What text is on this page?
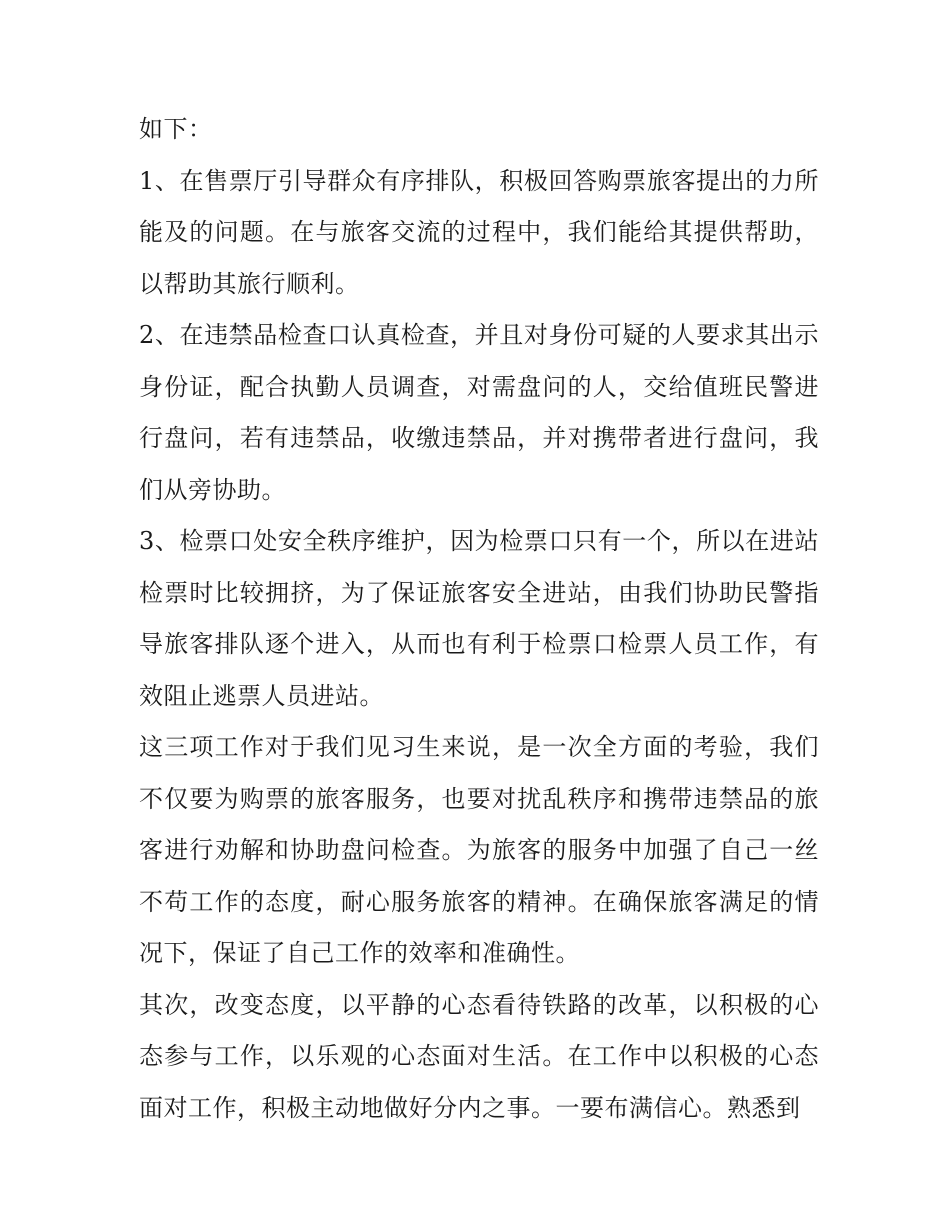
如下：

1、在售票厅引导群众有序排队，积极回答购票旅客提出的力所能及的问题。在与旅客交流的过程中，我们能给其提供帮助，以帮助其旅行顺利。

2、在违禁品检查口认真检查，并且对身份可疑的人要求其出示身份证，配合执勤人员调查，对需盘问的人，交给值班民警进行盘问，若有违禁品，收缴违禁品，并对携带者进行盘问，我们从旁协助。

3、检票口处安全秩序维护，因为检票口只有一个，所以在进站检票时比较拥挤，为了保证旅客安全进站，由我们协助民警指导旅客排队逐个进入，从而也有利于检票口检票人员工作，有效阻止逃票人员进站。

这三项工作对于我们见习生来说，是一次全方面的考验，我们不仅要为购票的旅客服务，也要对扰乱秩序和携带违禁品的旅客进行劝解和协助盘问检查。为旅客的服务中加强了自己一丝不苟工作的态度，耐心服务旅客的精神。在确保旅客满足的情况下，保证了自己工作的效率和准确性。

其次，改变态度，以平静的心态看待铁路的改革，以积极的心态参与工作，以乐观的心态面对生活。在工作中以积极的心态面对工作，积极主动地做好分内之事。一要布满信心。熟悉到
